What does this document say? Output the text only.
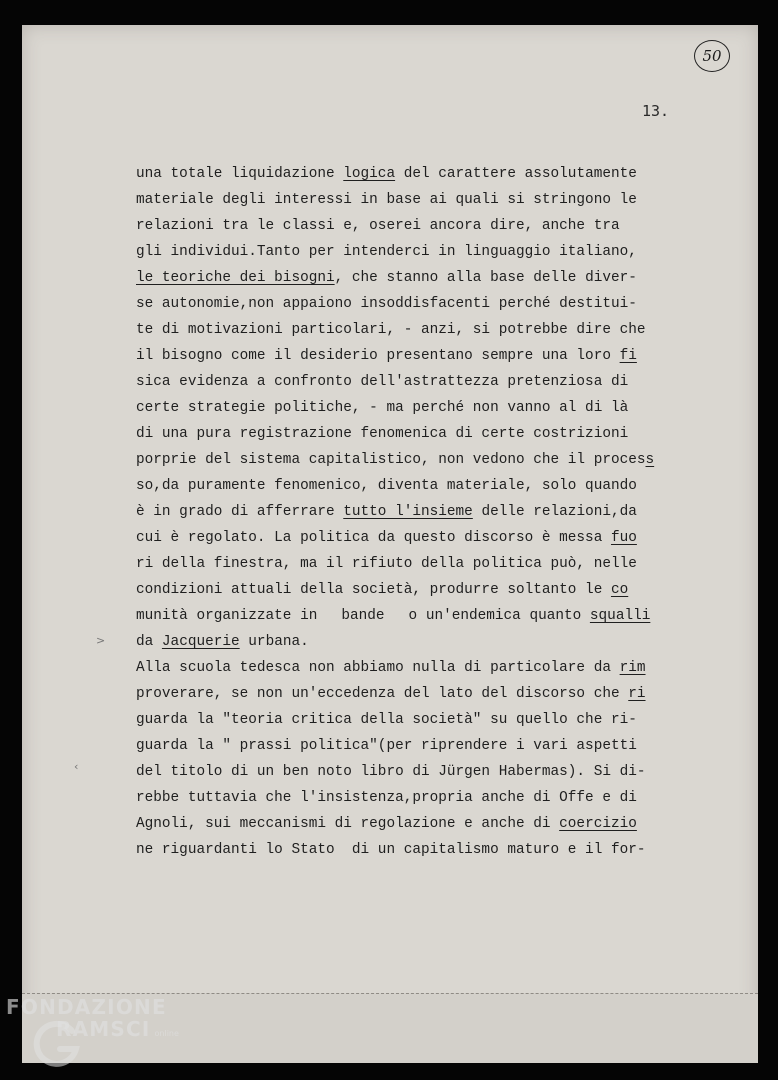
50
13.
una totale liquidazione logica del carattere assolutamente
materiale degli interessi in base ai quali si stringono le
relazioni tra le classi e, oserei ancora dire, anche tra
gli individui.Tanto per intenderci in linguaggio italiano,
le teoriche dei bisogni, che stanno alla base delle diver-
se autonomie,non appaiono insoddisfacenti perché destitui-
te di motivazioni particolari, - anzi, si potrebbe dire che
il bisogno come il desiderio presentano sempre una loro fi
sica evidenza a confronto dell'astrattezza pretenziosa di
certe strategie politiche, - ma perché non vanno al di là
di una pura registrazione fenomenica di certe costrizioni
porprie del sistema capitalistico, non vedono che il process
so,da puramente fenomenico, diventa materiale, solo quando
è in grado di afferrare tutto l'insieme delle relazioni,da
cui è regolato. La politica da questo discorso è messa fuo
ri della finestra, ma il rifiuto della politica può, nelle
condizioni attuali della società, produrre soltanto le co
munità organizzate in bande o un'endemica quanto squalli
da Jacquerie urbana.
Alla scuola tedesca non abbiamo nulla di particolare da rim
proverare, se non un'eccedenza del lato del discorso che ri
guarda la "teoria critica della società" su quello che ri-
guarda la " prassi politica"(per riprendere i vari aspetti
del titolo di un ben noto libro di Jürgen Habermas). Si di-
rebbe tuttavia che l'insistenza,propria anche di Offe e di
Agnoli, sui meccanismi di regolazione e anche di coercizio
ne riguardanti lo Stato  di un capitalismo maturo e il for-
>
‹
FONDAZIONE
RAMSCI online
